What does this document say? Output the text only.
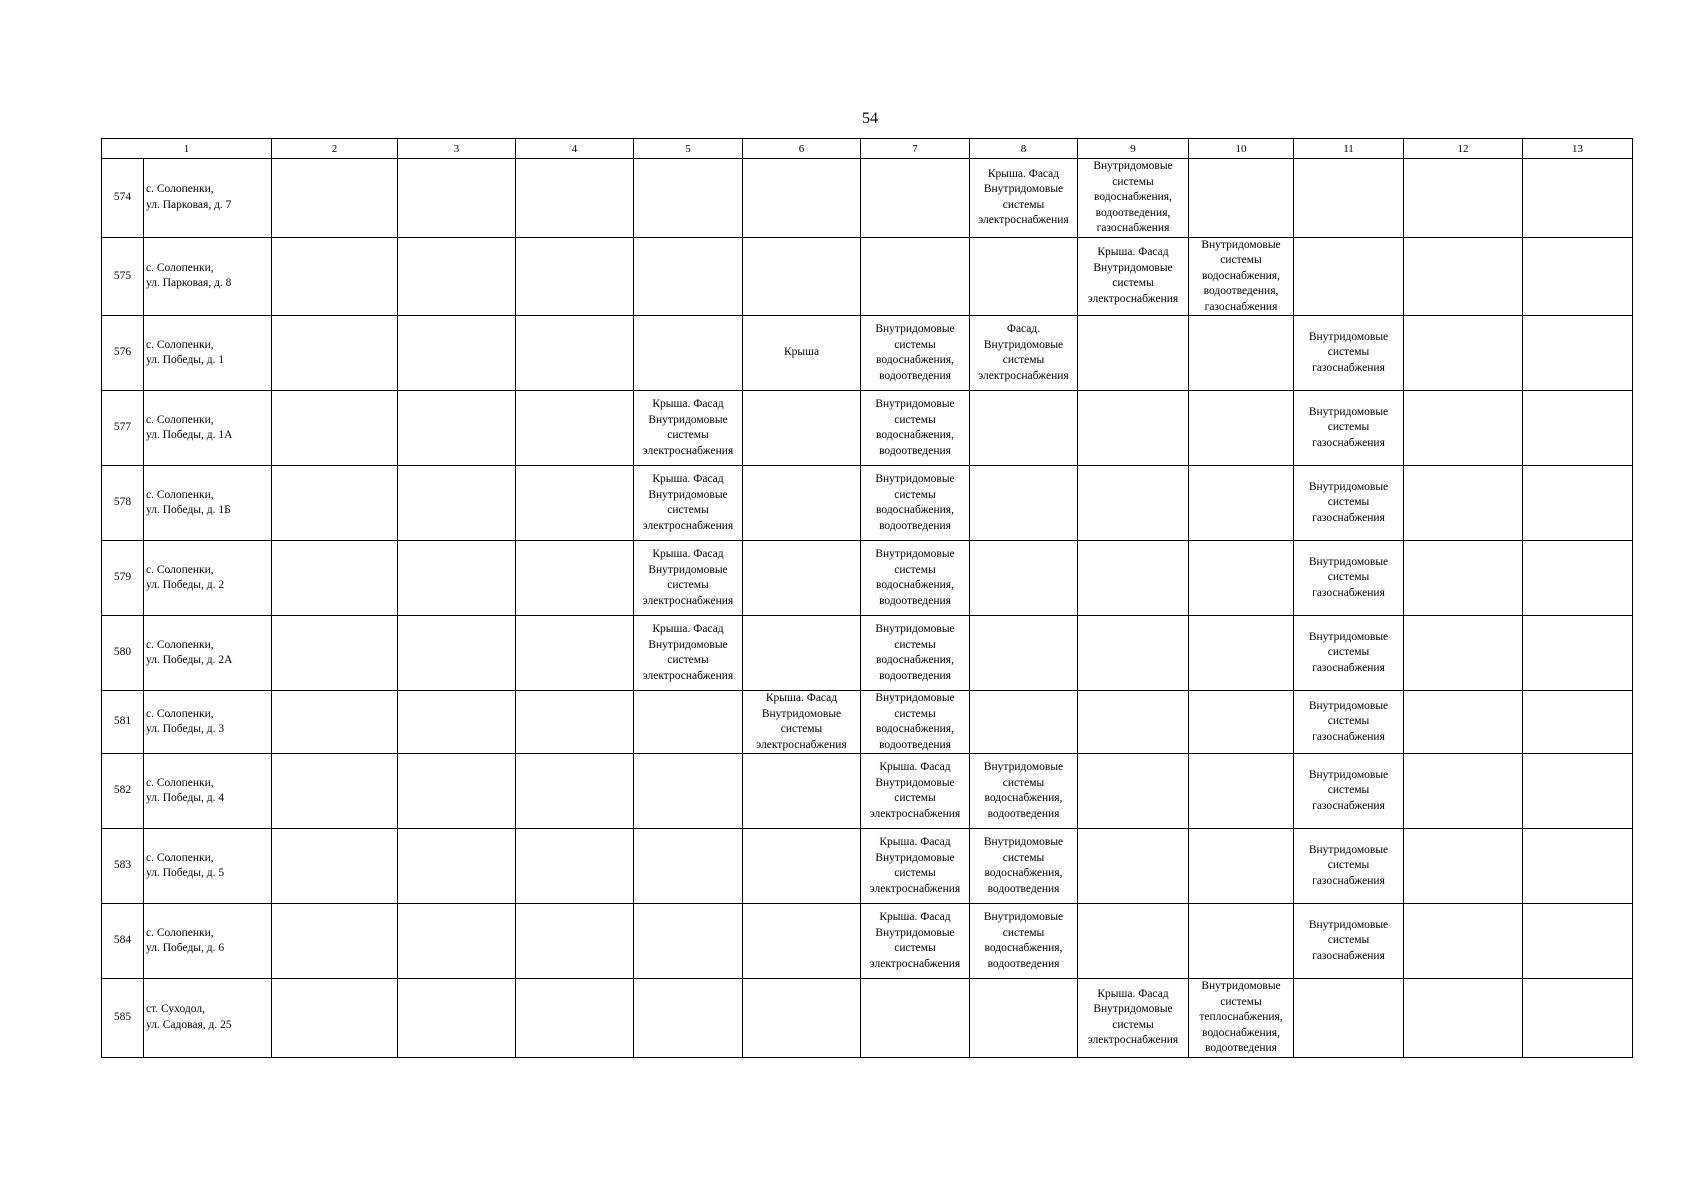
54
1		2	3	4	5	6	7	8	9	10	11	12	13
574	с. Солопенки,
ул. Парковая, д. 7							Крыша. Фасад
Внутридомовые
системы
электроснабжения	Внутридомовые
системы
водоснабжения,
водоотведения,
газоснабжения				

575	с. Солопенки,
ул. Парковая, д. 8								Крыша. Фасад
Внутридомовые
системы
электроснабжения	Внутридомовые
системы
водоснабжения,
водоотведения,
газоснабжения			

576	с. Солопенки,
ул. Победы, д. 1					Крыша	Внутридомовые
системы
водоснабжения,
водоотведения	Фасад.
Внутридомовые
системы
электроснабжения			Внутридомовые
системы
газоснабжения		

577	с. Солопенки,
ул. Победы, д. 1А				Крыша. Фасад
Внутридомовые
системы
электроснабжения		Внутридомовые
системы
водоснабжения,
водоотведения				Внутридомовые
системы
газоснабжения		

578	с. Солопенки,
ул. Победы, д. 1Б				Крыша. Фасад
Внутридомовые
системы
электроснабжения		Внутридомовые
системы
водоснабжения,
водоотведения				Внутридомовые
системы
газоснабжения		

579	с. Солопенки,
ул. Победы, д. 2				Крыша. Фасад
Внутридомовые
системы
электроснабжения		Внутридомовые
системы
водоснабжения,
водоотведения				Внутридомовые
системы
газоснабжения		

580	с. Солопенки,
ул. Победы, д. 2А				Крыша. Фасад
Внутридомовые
системы
электроснабжения		Внутридомовые
системы
водоснабжения,
водоотведения				Внутридомовые
системы
газоснабжения		

581	с. Солопенки,
ул. Победы, д. 3					Крыша. Фасад
Внутридомовые
системы
электроснабжения	Внутридомовые
системы
водоснабжения,
водоотведения				Внутридомовые
системы
газоснабжения		

582	с. Солопенки,
ул. Победы, д. 4						Крыша. Фасад
Внутридомовые
системы
электроснабжения	Внутридомовые
системы
водоснабжения,
водоотведения			Внутридомовые
системы
газоснабжения		

583	с. Солопенки,
ул. Победы, д. 5						Крыша. Фасад
Внутридомовые
системы
электроснабжения	Внутридомовые
системы
водоснабжения,
водоотведения			Внутридомовые
системы
газоснабжения		

584	с. Солопенки,
ул. Победы, д. 6						Крыша. Фасад
Внутридомовые
системы
электроснабжения	Внутридомовые
системы
водоснабжения,
водоотведения			Внутридомовые
системы
газоснабжения		

585	ст. Суходол,
ул. Садовая, д. 25								Крыша. Фасад
Внутридомовые
системы
электроснабжения	Внутридомовые
системы
теплоснабжения,
водоснабжения,
водоотведения			
